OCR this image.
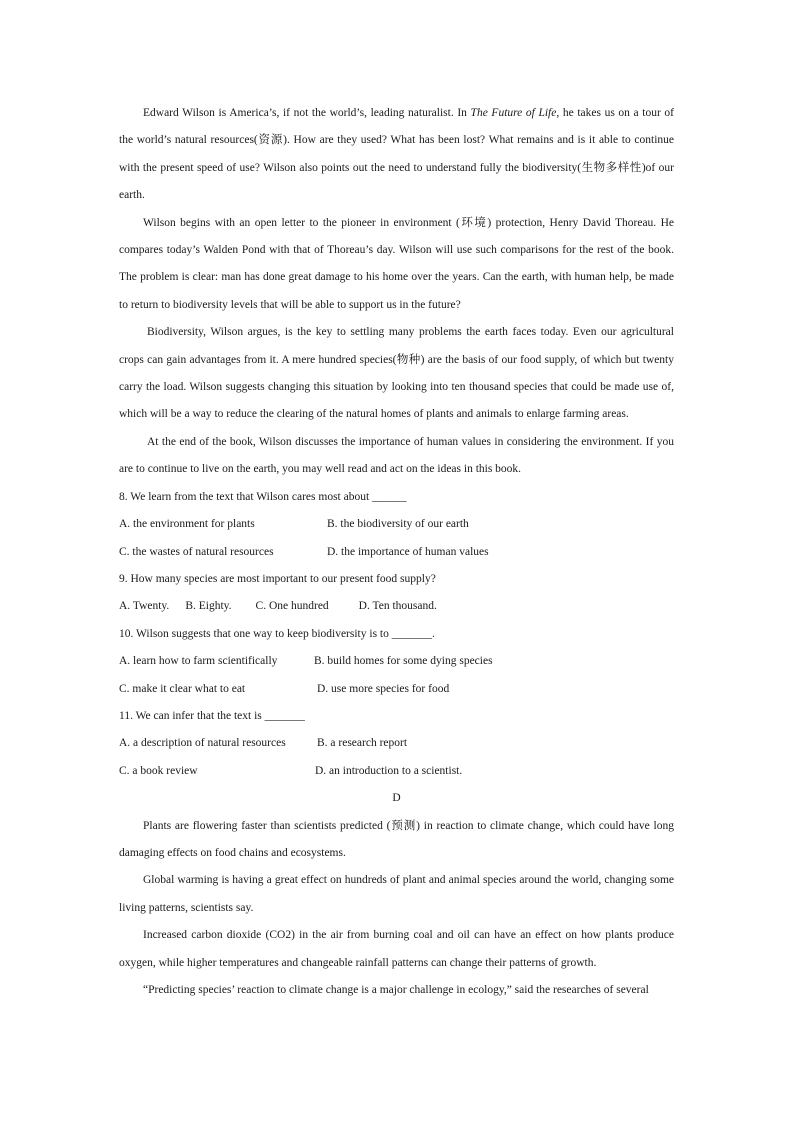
Edward Wilson is America’s, if not the world’s, leading naturalist. In The Future of Life, he takes us on a tour of the world’s natural resources(资源). How are they used? What has been lost? What remains and is it able to continue with the present speed of use? Wilson also points out the need to understand fully the biodiversity(生物多样性)of our earth.

Wilson begins with an open letter to the pioneer in environment (环境) protection, Henry David Thoreau. He compares today’s Walden Pond with that of Thoreau’s day. Wilson will use such comparisons for the rest of the book. The problem is clear: man has done great damage to his home over the years. Can the earth, with human help, be made to return to biodiversity levels that will be able to support us in the future?

Biodiversity, Wilson argues, is the key to settling many problems the earth faces today. Even our agricultural crops can gain advantages from it. A mere hundred species(物种) are the basis of our food supply, of which but twenty carry the load. Wilson suggests changing this situation by looking into ten thousand species that could be made use of, which will be a way to reduce the clearing of the natural homes of plants and animals to enlarge farming areas.

At the end of the book, Wilson discusses the importance of human values in considering the environment. If you are to continue to live on the earth, you may well read and act on the ideas in this book.

8. We learn from the text that Wilson cares most about ______

A. the environment for plants	B. the biodiversity of our earth
C. the wastes of natural resources	D. the importance of human values

9. How many species are most important to our present food supply?

A. Twenty. B. Eighty. C. One hundred	D. Ten thousand.

10. Wilson suggests that one way to keep biodiversity is to _______.

A. learn how to farm scientifically	B. build homes for some dying species
C. make it clear what to eat	D. use more species for food

11. We can infer that the text is _______

A. a description of natural resources	B. a research report
C. a book review	D. an introduction to a scientist.

D

Plants are flowering faster than scientists predicted (预测) in reaction to climate change, which could have long damaging effects on food chains and ecosystems.

Global warming is having a great effect on hundreds of plant and animal species around the world, changing some living patterns, scientists say.

Increased carbon dioxide (CO2) in the air from burning coal and oil can have an effect on how plants produce oxygen, while higher temperatures and changeable rainfall patterns can change their patterns of growth.

“Predicting species’ reaction to climate change is a major challenge in ecology,” said the researches of several
